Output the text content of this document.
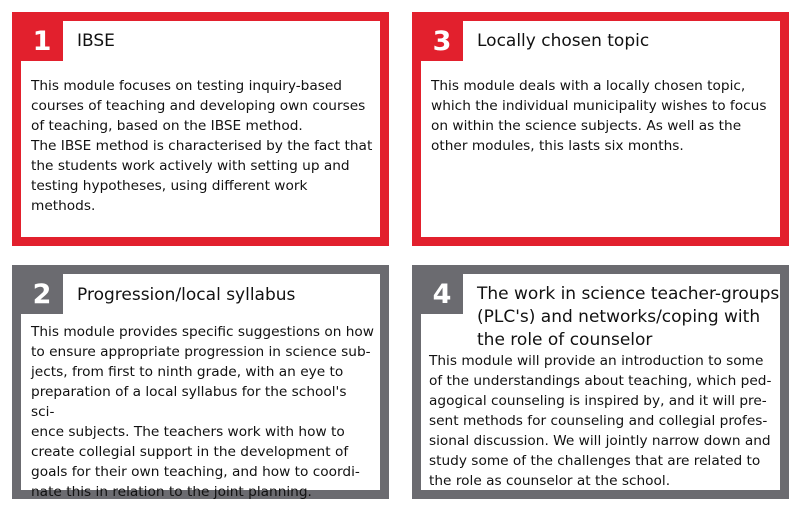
1	IBSE
This module focuses on testing inquiry-based
courses of teaching and developing own courses
of teaching, based on the IBSE method.
The IBSE method is characterised by the fact that
the students work actively with setting up and
testing hypotheses, using different work methods.
3	Locally chosen topic
This module deals with a locally chosen topic,
which the individual municipality wishes to focus
on within the science subjects. As well as the
other modules, this lasts six months.
2	Progression/local syllabus
This module provides specific suggestions on how
to ensure appropriate progression in science sub-
jects, from first to ninth grade, with an eye to
preparation of a local syllabus for the school's sci-
ence subjects. The teachers work with how to
create collegial support in the development of
goals for their own teaching, and how to coordi-
nate this in relation to the joint planning.
4	The work in science teacher-groups
(PLC's) and networks/coping with
the role of counselor
This module will provide an introduction to some
of the understandings about teaching, which ped-
agogical counseling is inspired by, and it will pre-
sent methods for counseling and collegial profes-
sional discussion. We will jointly narrow down and
study some of the challenges that are related to
the role as counselor at the school.
